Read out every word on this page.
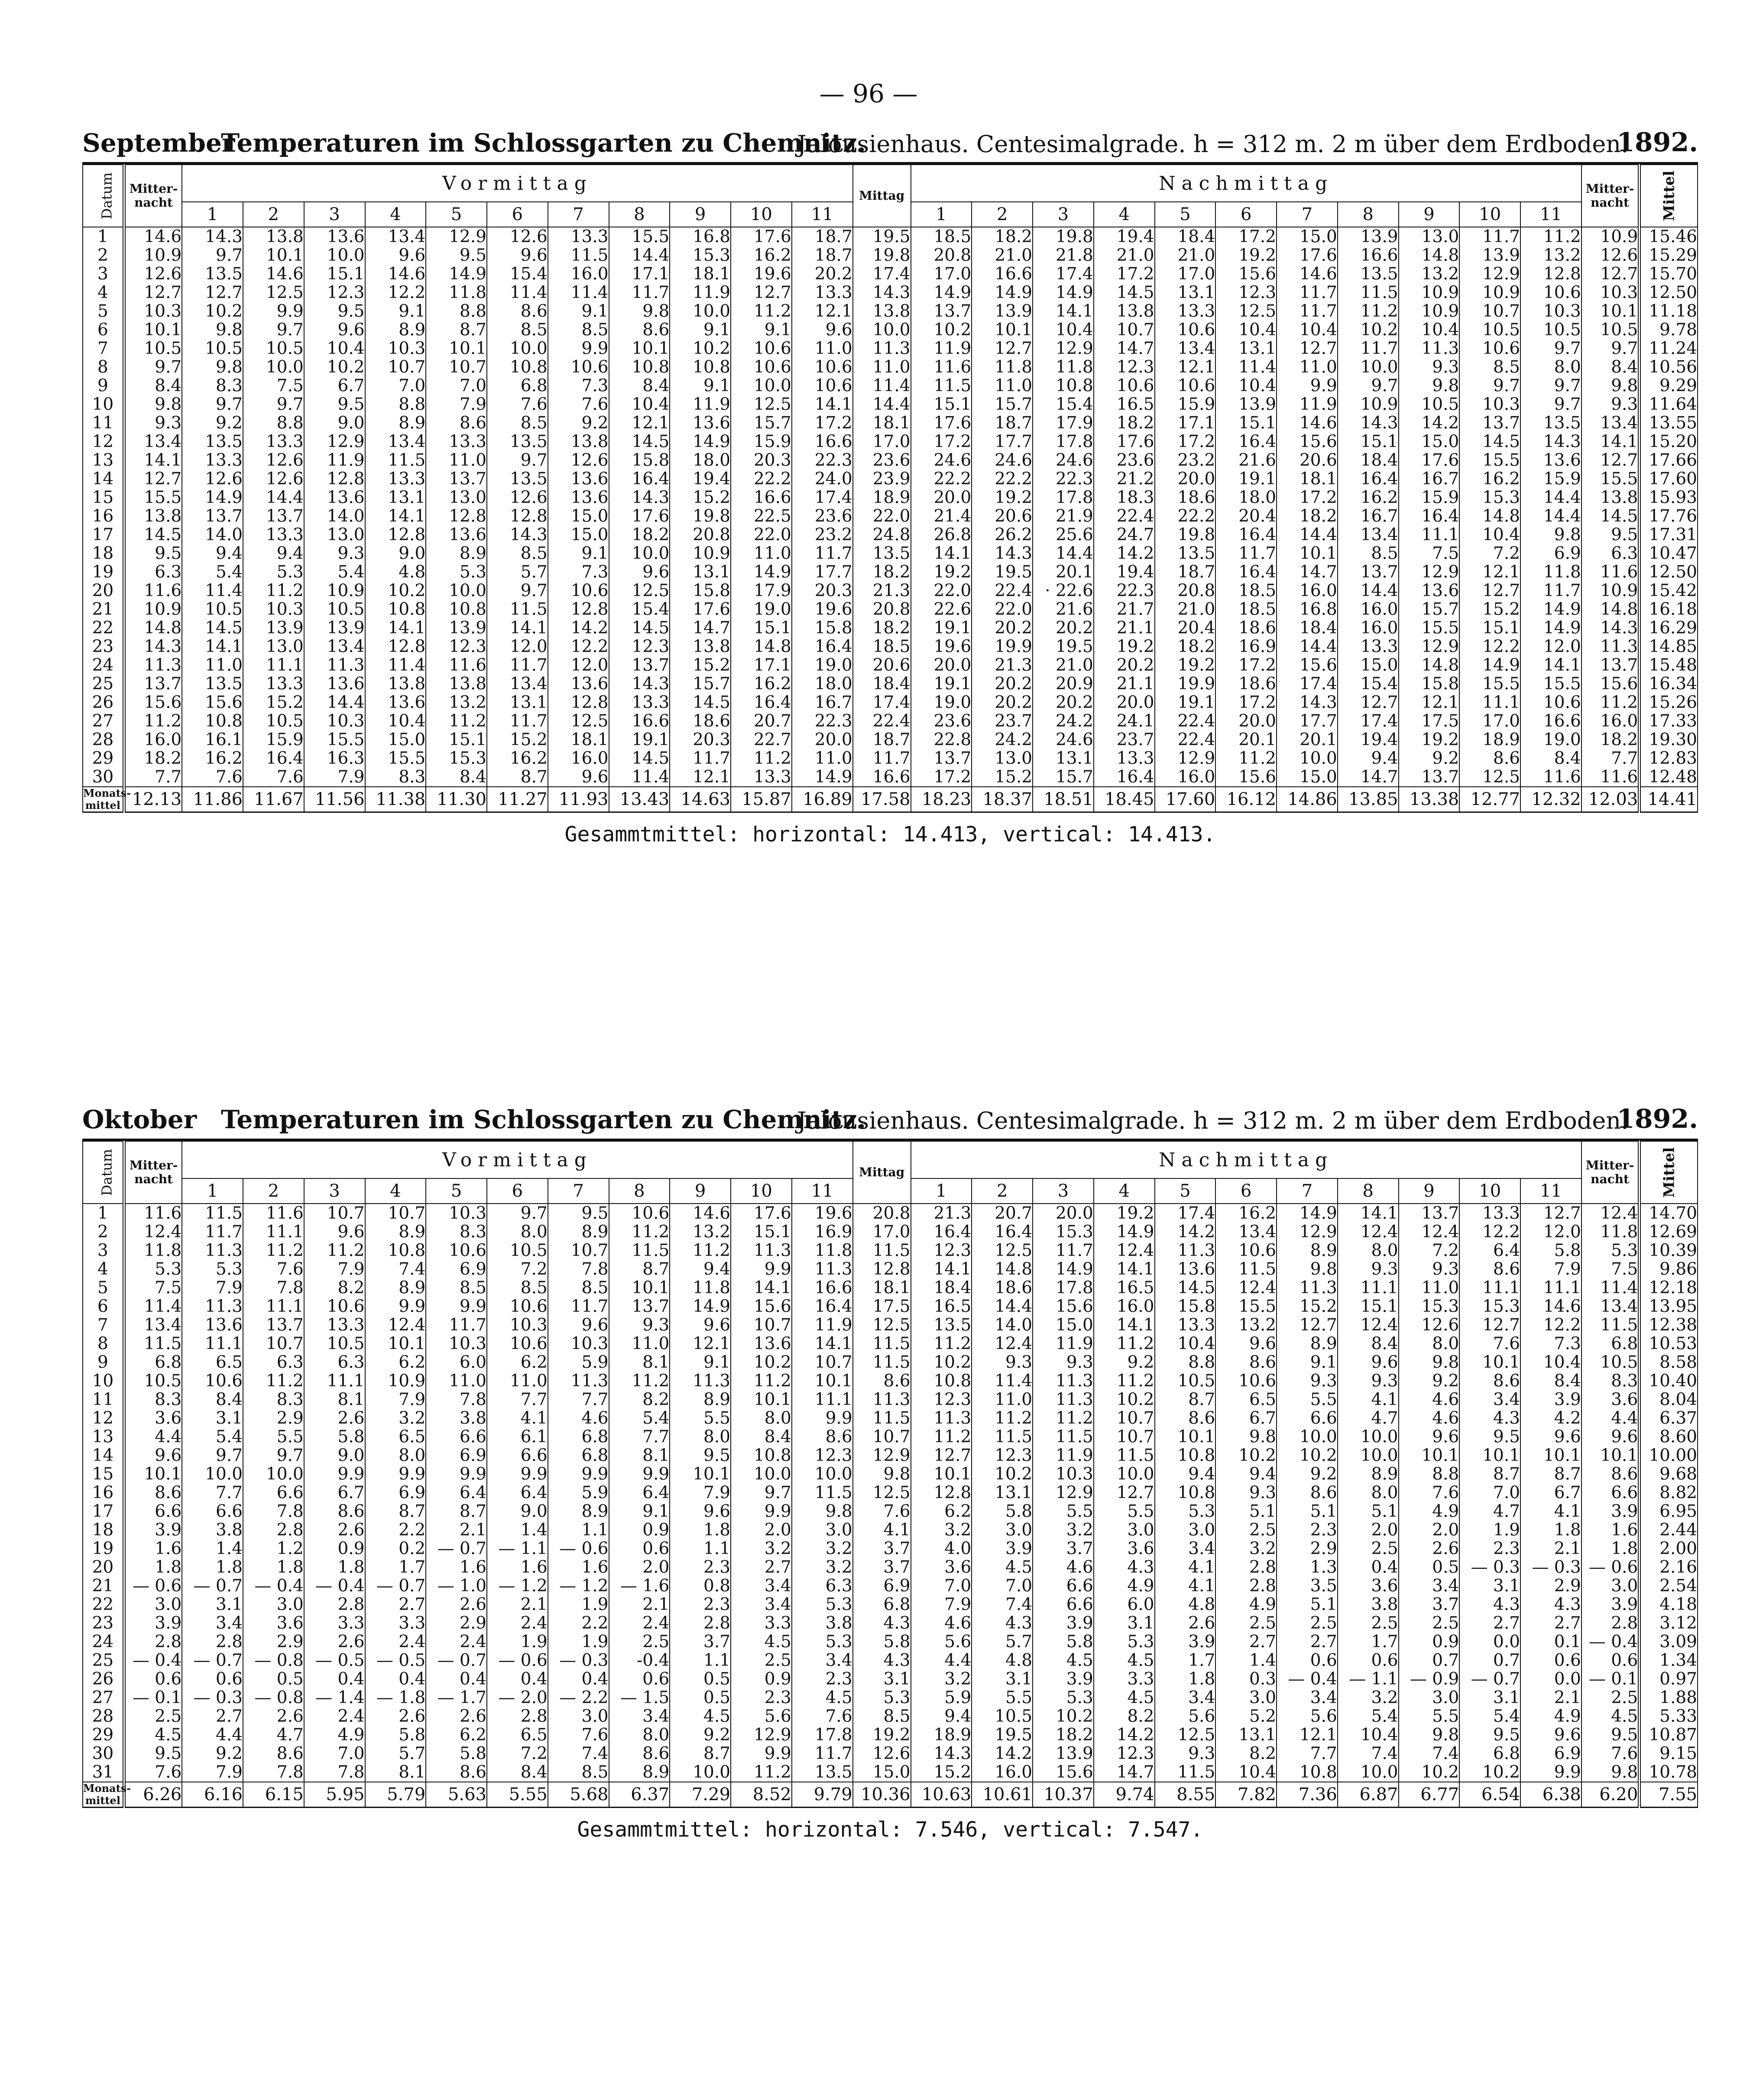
— 96 —
September
Temperaturen im Schlossgarten zu Chemnitz.
Jalousienhaus. Centesimalgrade. h = 312 m. 2 m über dem Erdboden.
1892.
Datum	Mitter-nacht	Vormittag											Mittag	Nachmittag											Mitter-nacht	Mittel
		1	2	3	4	5	6	7	8	9	10	11		1	2	3	4	5	6	7	8	9	10	11		
1	14.6	14.3	13.8	13.6	13.4	12.9	12.6	13.3	15.5	16.8	17.6	18.7	19.5	18.5	18.2	19.8	19.4	18.4	17.2	15.0	13.9	13.0	11.7	11.2	10.9	15.46
2	10.9	9.7	10.1	10.0	9.6	9.5	9.6	11.5	14.4	15.3	16.2	18.7	19.8	20.8	21.0	21.8	21.0	21.0	19.2	17.6	16.6	14.8	13.9	13.2	12.6	15.29
3	12.6	13.5	14.6	15.1	14.6	14.9	15.4	16.0	17.1	18.1	19.6	20.2	17.4	17.0	16.6	17.4	17.2	17.0	15.6	14.6	13.5	13.2	12.9	12.8	12.7	15.70
4	12.7	12.7	12.5	12.3	12.2	11.8	11.4	11.4	11.7	11.9	12.7	13.3	14.3	14.9	14.9	14.9	14.5	13.1	12.3	11.7	11.5	10.9	10.9	10.6	10.3	12.50
5	10.3	10.2	9.9	9.5	9.1	8.8	8.6	9.1	9.8	10.0	11.2	12.1	13.8	13.7	13.9	14.1	13.8	13.3	12.5	11.7	11.2	10.9	10.7	10.3	10.1	11.18
6	10.1	9.8	9.7	9.6	8.9	8.7	8.5	8.5	8.6	9.1	9.1	9.6	10.0	10.2	10.1	10.4	10.7	10.6	10.4	10.4	10.2	10.4	10.5	10.5	10.5	9.78
7	10.5	10.5	10.5	10.4	10.3	10.1	10.0	9.9	10.1	10.2	10.6	11.0	11.3	11.9	12.7	12.9	14.7	13.4	13.1	12.7	11.7	11.3	10.6	9.7	9.7	11.24
8	9.7	9.8	10.0	10.2	10.7	10.7	10.8	10.6	10.8	10.8	10.6	10.6	11.0	11.6	11.8	11.8	12.3	12.1	11.4	11.0	10.0	9.3	8.5	8.0	8.4	10.56
9	8.4	8.3	7.5	6.7	7.0	7.0	6.8	7.3	8.4	9.1	10.0	10.6	11.4	11.5	11.0	10.8	10.6	10.6	10.4	9.9	9.7	9.8	9.7	9.7	9.8	9.29
10	9.8	9.7	9.7	9.5	8.8	7.9	7.6	7.6	10.4	11.9	12.5	14.1	14.4	15.1	15.7	15.4	16.5	15.9	13.9	11.9	10.9	10.5	10.3	9.7	9.3	11.64
11	9.3	9.2	8.8	9.0	8.9	8.6	8.5	9.2	12.1	13.6	15.7	17.2	18.1	17.6	18.7	17.9	18.2	17.1	15.1	14.6	14.3	14.2	13.7	13.5	13.4	13.55
12	13.4	13.5	13.3	12.9	13.4	13.3	13.5	13.8	14.5	14.9	15.9	16.6	17.0	17.2	17.7	17.8	17.6	17.2	16.4	15.6	15.1	15.0	14.5	14.3	14.1	15.20
13	14.1	13.3	12.6	11.9	11.5	11.0	9.7	12.6	15.8	18.0	20.3	22.3	23.6	24.6	24.6	24.6	23.6	23.2	21.6	20.6	18.4	17.6	15.5	13.6	12.7	17.66
14	12.7	12.6	12.6	12.8	13.3	13.7	13.5	13.6	16.4	19.4	22.2	24.0	23.9	22.2	22.2	22.3	21.2	20.0	19.1	18.1	16.4	16.7	16.2	15.9	15.5	17.60
15	15.5	14.9	14.4	13.6	13.1	13.0	12.6	13.6	14.3	15.2	16.6	17.4	18.9	20.0	19.2	17.8	18.3	18.6	18.0	17.2	16.2	15.9	15.3	14.4	13.8	15.93
16	13.8	13.7	13.7	14.0	14.1	12.8	12.8	15.0	17.6	19.8	22.5	23.6	22.0	21.4	20.6	21.9	22.4	22.2	20.4	18.2	16.7	16.4	14.8	14.4	14.5	17.76
17	14.5	14.0	13.3	13.0	12.8	13.6	14.3	15.0	18.2	20.8	22.0	23.2	24.8	26.8	26.2	25.6	24.7	19.8	16.4	14.4	13.4	11.1	10.4	9.8	9.5	17.31
18	9.5	9.4	9.4	9.3	9.0	8.9	8.5	9.1	10.0	10.9	11.0	11.7	13.5	14.1	14.3	14.4	14.2	13.5	11.7	10.1	8.5	7.5	7.2	6.9	6.3	10.47
19	6.3	5.4	5.3	5.4	4.8	5.3	5.7	7.3	9.6	13.1	14.9	17.7	18.2	19.2	19.5	20.1	19.4	18.7	16.4	14.7	13.7	12.9	12.1	11.8	11.6	12.50
20	11.6	11.4	11.2	10.9	10.2	10.0	9.7	10.6	12.5	15.8	17.9	20.3	21.3	22.0	22.4	· 22.6	22.3	20.8	18.5	16.0	14.4	13.6	12.7	11.7	10.9	15.42
21	10.9	10.5	10.3	10.5	10.8	10.8	11.5	12.8	15.4	17.6	19.0	19.6	20.8	22.6	22.0	21.6	21.7	21.0	18.5	16.8	16.0	15.7	15.2	14.9	14.8	16.18
22	14.8	14.5	13.9	13.9	14.1	13.9	14.1	14.2	14.5	14.7	15.1	15.8	18.2	19.1	20.2	20.2	21.1	20.4	18.6	18.4	16.0	15.5	15.1	14.9	14.3	16.29
23	14.3	14.1	13.0	13.4	12.8	12.3	12.0	12.2	12.3	13.8	14.8	16.4	18.5	19.6	19.9	19.5	19.2	18.2	16.9	14.4	13.3	12.9	12.2	12.0	11.3	14.85
24	11.3	11.0	11.1	11.3	11.4	11.6	11.7	12.0	13.7	15.2	17.1	19.0	20.6	20.0	21.3	21.0	20.2	19.2	17.2	15.6	15.0	14.8	14.9	14.1	13.7	15.48
25	13.7	13.5	13.3	13.6	13.8	13.8	13.4	13.6	14.3	15.7	16.2	18.0	18.4	19.1	20.2	20.9	21.1	19.9	18.6	17.4	15.4	15.8	15.5	15.5	15.6	16.34
26	15.6	15.6	15.2	14.4	13.6	13.2	13.1	12.8	13.3	14.5	16.4	16.7	17.4	19.0	20.2	20.2	20.0	19.1	17.2	14.3	12.7	12.1	11.1	10.6	11.2	15.26
27	11.2	10.8	10.5	10.3	10.4	11.2	11.7	12.5	16.6	18.6	20.7	22.3	22.4	23.6	23.7	24.2	24.1	22.4	20.0	17.7	17.4	17.5	17.0	16.6	16.0	17.33
28	16.0	16.1	15.9	15.5	15.0	15.1	15.2	18.1	19.1	20.3	22.7	20.0	18.7	22.8	24.2	24.6	23.7	22.4	20.1	20.1	19.4	19.2	18.9	19.0	18.2	19.30
29	18.2	16.2	16.4	16.3	15.5	15.3	16.2	16.0	14.5	11.7	11.2	11.0	11.7	13.7	13.0	13.1	13.3	12.9	11.2	10.0	9.4	9.2	8.6	8.4	7.7	12.83
30	7.7	7.6	7.6	7.9	8.3	8.4	8.7	9.6	11.4	12.1	13.3	14.9	16.6	17.2	15.2	15.7	16.4	16.0	15.6	15.0	14.7	13.7	12.5	11.6	11.6	12.48
Monats-mittel	12.13	11.86	11.67	11.56	11.38	11.30	11.27	11.93	13.43	14.63	15.87	16.89	17.58	18.23	18.37	18.51	18.45	17.60	16.12	14.86	13.85	13.38	12.77	12.32	12.03	14.41
Gesammtmittel: horizontal: 14.413, vertical: 14.413.
Oktober Temperaturen im Schlossgarten zu Chemnitz.
Jalousienhaus. Centesimalgrade. h = 312 m. 2 m über dem Erdboden.
1892.
Datum	Mitter-nacht	Vormittag											Mittag	Nachmittag											Mitter-nacht	Mittel
		1	2	3	4	5	6	7	8	9	10	11		1	2	3	4	5	6	7	8	9	10	11		
1	11.6	11.5	11.6	10.7	10.7	10.3	9.7	9.5	10.6	14.6	17.6	19.6	20.8	21.3	20.7	20.0	19.2	17.4	16.2	14.9	14.1	13.7	13.3	12.7	12.4	14.70
2	12.4	11.7	11.1	9.6	8.9	8.3	8.0	8.9	11.2	13.2	15.1	16.9	17.0	16.4	16.4	15.3	14.9	14.2	13.4	12.9	12.4	12.4	12.2	12.0	11.8	12.69
3	11.8	11.3	11.2	11.2	10.8	10.6	10.5	10.7	11.5	11.2	11.3	11.8	11.5	12.3	12.5	11.7	12.4	11.3	10.6	8.9	8.0	7.2	6.4	5.8	5.3	10.39
4	5.3	5.3	7.6	7.9	7.4	6.9	7.2	7.8	8.7	9.4	9.9	11.3	12.8	14.1	14.8	14.9	14.1	13.6	11.5	9.8	9.3	9.3	8.6	7.9	7.5	9.86
5	7.5	7.9	7.8	8.2	8.9	8.5	8.5	8.5	10.1	11.8	14.1	16.6	18.1	18.4	18.6	17.8	16.5	14.5	12.4	11.3	11.1	11.0	11.1	11.1	11.4	12.18
6	11.4	11.3	11.1	10.6	9.9	9.9	10.6	11.7	13.7	14.9	15.6	16.4	17.5	16.5	14.4	15.6	16.0	15.8	15.5	15.2	15.1	15.3	15.3	14.6	13.4	13.95
7	13.4	13.6	13.7	13.3	12.4	11.7	10.3	9.6	9.3	9.6	10.7	11.9	12.5	13.5	14.0	15.0	14.1	13.3	13.2	12.7	12.4	12.6	12.7	12.2	11.5	12.38
8	11.5	11.1	10.7	10.5	10.1	10.3	10.6	10.3	11.0	12.1	13.6	14.1	11.5	11.2	12.4	11.9	11.2	10.4	9.6	8.9	8.4	8.0	7.6	7.3	6.8	10.53
9	6.8	6.5	6.3	6.3	6.2	6.0	6.2	5.9	8.1	9.1	10.2	10.7	11.5	10.2	9.3	9.3	9.2	8.8	8.6	9.1	9.6	9.8	10.1	10.4	10.5	8.58
10	10.5	10.6	11.2	11.1	10.9	11.0	11.0	11.3	11.2	11.3	11.2	10.1	8.6	10.8	11.4	11.3	11.2	10.5	10.6	9.3	9.3	9.2	8.6	8.4	8.3	10.40
11	8.3	8.4	8.3	8.1	7.9	7.8	7.7	7.7	8.2	8.9	10.1	11.1	11.3	12.3	11.0	11.3	10.2	8.7	6.5	5.5	4.1	4.6	3.4	3.9	3.6	8.04
12	3.6	3.1	2.9	2.6	3.2	3.8	4.1	4.6	5.4	5.5	8.0	9.9	11.5	11.3	11.2	11.2	10.7	8.6	6.7	6.6	4.7	4.6	4.3	4.2	4.4	6.37
13	4.4	5.4	5.5	5.8	6.5	6.6	6.1	6.8	7.7	8.0	8.4	8.6	10.7	11.2	11.5	11.5	10.7	10.1	9.8	10.0	10.0	9.6	9.5	9.6	9.6	8.60
14	9.6	9.7	9.7	9.0	8.0	6.9	6.6	6.8	8.1	9.5	10.8	12.3	12.9	12.7	12.3	11.9	11.5	10.8	10.2	10.2	10.0	10.1	10.1	10.1	10.1	10.00
15	10.1	10.0	10.0	9.9	9.9	9.9	9.9	9.9	9.9	10.1	10.0	10.0	9.8	10.1	10.2	10.3	10.0	9.4	9.4	9.2	8.9	8.8	8.7	8.7	8.6	9.68
16	8.6	7.7	6.6	6.7	6.9	6.4	6.4	5.9	6.4	7.9	9.7	11.5	12.5	12.8	13.1	12.9	12.7	10.8	9.3	8.6	8.0	7.6	7.0	6.7	6.6	8.82
17	6.6	6.6	7.8	8.6	8.7	8.7	9.0	8.9	9.1	9.6	9.9	9.8	7.6	6.2	5.8	5.5	5.5	5.3	5.1	5.1	5.1	4.9	4.7	4.1	3.9	6.95
18	3.9	3.8	2.8	2.6	2.2	2.1	1.4	1.1	0.9	1.8	2.0	3.0	4.1	3.2	3.0	3.2	3.0	3.0	2.5	2.3	2.0	2.0	1.9	1.8	1.6	2.44
19	1.6	1.4	1.2	0.9	0.2	— 0.7	— 1.1	— 0.6	0.6	1.1	3.2	3.2	3.7	4.0	3.9	3.7	3.6	3.4	3.2	2.9	2.5	2.6	2.3	2.1	1.8	2.00
20	1.8	1.8	1.8	1.8	1.7	1.6	1.6	1.6	2.0	2.3	2.7	3.2	3.7	3.6	4.5	4.6	4.3	4.1	2.8	1.3	0.4	0.5	— 0.3	— 0.3	— 0.6	2.16
21	— 0.6	— 0.7	— 0.4	— 0.4	— 0.7	— 1.0	— 1.2	— 1.2	— 1.6	0.8	3.4	6.3	6.9	7.0	7.0	6.6	4.9	4.1	2.8	3.5	3.6	3.4	3.1	2.9	3.0	2.54
22	3.0	3.1	3.0	2.8	2.7	2.6	2.1	1.9	2.1	2.3	3.4	5.3	6.8	7.9	7.4	6.6	6.0	4.8	4.9	5.1	3.8	3.7	4.3	4.3	3.9	4.18
23	3.9	3.4	3.6	3.3	3.3	2.9	2.4	2.2	2.4	2.8	3.3	3.8	4.3	4.6	4.3	3.9	3.1	2.6	2.5	2.5	2.5	2.5	2.7	2.7	2.8	3.12
24	2.8	2.8	2.9	2.6	2.4	2.4	1.9	1.9	2.5	3.7	4.5	5.3	5.8	5.6	5.7	5.8	5.3	3.9	2.7	2.7	1.7	0.9	0.0	0.1	— 0.4	3.09
25	— 0.4	— 0.7	— 0.8	— 0.5	— 0.5	— 0.7	— 0.6	— 0.3	-0.4	1.1	2.5	3.4	4.3	4.4	4.8	4.5	4.5	1.7	1.4	0.6	0.6	0.7	0.7	0.6	0.6	1.34
26	0.6	0.6	0.5	0.4	0.4	0.4	0.4	0.4	0.6	0.5	0.9	2.3	3.1	3.2	3.1	3.9	3.3	1.8	0.3	— 0.4	— 1.1	— 0.9	— 0.7	0.0	— 0.1	0.97
27	— 0.1	— 0.3	— 0.8	— 1.4	— 1.8	— 1.7	— 2.0	— 2.2	— 1.5	0.5	2.3	4.5	5.3	5.9	5.5	5.3	4.5	3.4	3.0	3.4	3.2	3.0	3.1	2.1	2.5	1.88
28	2.5	2.7	2.6	2.4	2.6	2.6	2.8	3.0	3.4	4.5	5.6	7.6	8.5	9.4	10.5	10.2	8.2	5.6	5.2	5.6	5.4	5.5	5.4	4.9	4.5	5.33
29	4.5	4.4	4.7	4.9	5.8	6.2	6.5	7.6	8.0	9.2	12.9	17.8	19.2	18.9	19.5	18.2	14.2	12.5	13.1	12.1	10.4	9.8	9.5	9.6	9.5	10.87
30	9.5	9.2	8.6	7.0	5.7	5.8	7.2	7.4	8.6	8.7	9.9	11.7	12.6	14.3	14.2	13.9	12.3	9.3	8.2	7.7	7.4	7.4	6.8	6.9	7.6	9.15
31	7.6	7.9	7.8	7.8	8.1	8.6	8.4	8.5	8.9	10.0	11.2	13.5	15.0	15.2	16.0	15.6	14.7	11.5	10.4	10.8	10.0	10.2	10.2	9.9	9.8	10.78
Monats-mittel	6.26	6.16	6.15	5.95	5.79	5.63	5.55	5.68	6.37	7.29	8.52	9.79	10.36	10.63	10.61	10.37	9.74	8.55	7.82	7.36	6.87	6.77	6.54	6.38	6.20	7.55
Gesammtmittel: horizontal: 7.546, vertical: 7.547.
